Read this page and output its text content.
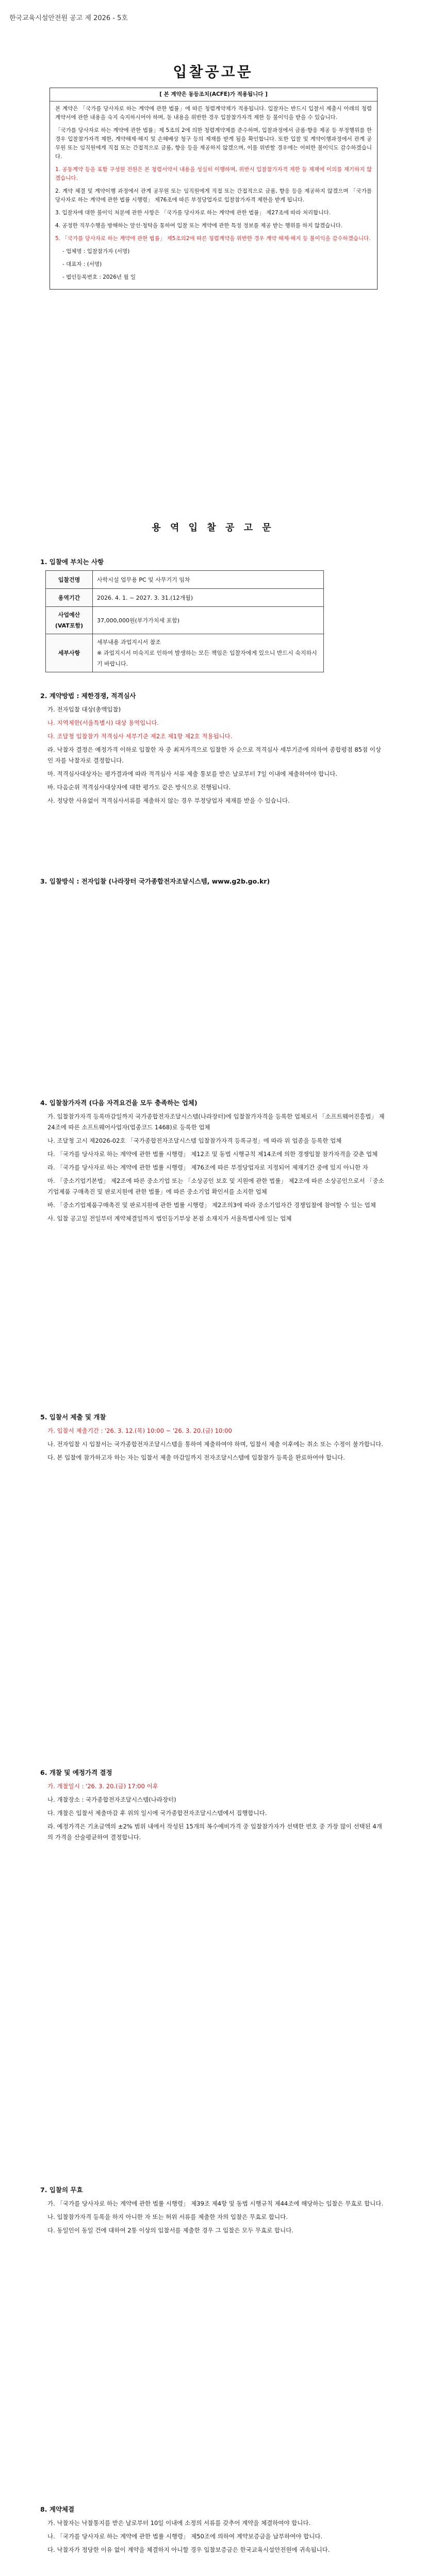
한국교육시설안전원 공고 제 2026 - 5호
입찰공고문
[ 본 계약은 동등조치(ACFE)가 적용됩니다 ]

본 계약은 「국가를 당사자로 하는 계약에 관한 법률」에 따른 청렴계약제가 적용됩니다. 입찰자는 반드시 입찰서 제출시 아래의 청렴계약서에 관한 내용을 숙지 숙지하시어야 하며, 동 내용을 위반한 경우 입찰참가자격 제한 등 불이익을 받을 수 있습니다.

「국가를 당사자로 하는 계약에 관한 법률」제 5조의 2에 의한 청렴계약제를 준수하며, 입찰과정에서 금품·향응 제공 등 부정행위를 한 경우 입찰참가자격 제한, 계약해제·해지 및 손해배상 청구 등의 제재를 받게 됨을 확인합니다. 또한 입찰 및 계약이행과정에서 관계 공무원 또는 임직원에게 직접 또는 간접적으로 금품, 향응 등을 제공하지 않겠으며, 이를 위반할 경우에는 어떠한 불이익도 감수하겠습니다.

1. 공동계약 등을 포함 구성원 전원은 본 청렴서약서 내용을 성실히 이행하며, 위반시 입찰참가자격 제한 등 제재에 이의를 제기하지 않겠습니다.

2. 계약 체결 및 계약이행 과정에서 관계 공무원 또는 임직원에게 직접 또는 간접적으로 금품, 향응 등을 제공하지 않겠으며 「국가를 당사자로 하는 계약에 관한 법률 시행령」 제76조에 따른 부정당업자로 입찰참가자격 제한을 받게 됩니다.

3. 입찰자에 대한 불이익 처분에 관한 사항은 「국가를 당사자로 하는 계약에 관한 법률」 제27조에 따라 처리합니다.

4. 공정한 직무수행을 방해하는 알선·청탁을 통하여 입찰 또는 계약에 관한 특정 정보를 제공 받는 행위를 하지 않겠습니다.

5. 「국가를 당사자로 하는 계약에 관한 법률」 제5조의2에 따른 청렴계약을 위반한 경우 계약 해제·해지 등 불이익을 감수하겠습니다.

- 업체명 : 입찰참가자 (서명)

- 대표자 : (서명)

- 법인등록번호 : 2026년 월 일

용 역 입 찰 공 고 문
1. 입찰에 부치는 사항
입찰건명	사학시설 업무용 PC 및 사무기기 임차
용역기간	2026. 4. 1. ~ 2027. 3. 31.(12개월)
사업예산 (VAT포함)	37,000,000원(부가가치세 포함)
세부사항	세부내용 과업지시서 참조
※ 과업지시서 미숙지로 인하여 발생하는 모든 책임은 입찰자에게 있으니 반드시 숙지하시기 바랍니다.
2. 계약방법 : 제한경쟁, 적격심사

가. 전자입찰 대상(총액입찰)

나. 지역제한(서울특별시) 대상 용역입니다.

다. 조달청 입찰참가 적격심사 세부기준 제2조 제1항 제2호 적용됩니다.

라. 낙찰자 결정은 예정가격 이하로 입찰한 자 중 최저가격으로 입찰한 자 순으로 적격심사 세부기준에 의하여 종합평점 85점 이상인 자를 낙찰자로 결정합니다.

마. 적격심사대상자는 평가결과에 따라 적격심사 서류 제출 통보를 받은 날로부터 7일 이내에 제출하여야 합니다.

바. 다음순위 적격심사대상자에 대한 평가도 같은 방식으로 진행됩니다.

사. 정당한 사유없이 적격심사서류를 제출하지 않는 경우 부정당업자 제재를 받을 수 있습니다.

3. 입찰방식 : 전자입찰 (나라장터 국가종합전자조달시스템, www.g2b.go.kr)
4. 입찰참가자격 (다음 자격요건을 모두 충족하는 업체)

가. 입찰참가자격 등록마감일까지 국가종합전자조달시스템(나라장터)에 입찰참가자격을 등록한 업체로서 「소프트웨어진흥법」 제24조에 따른 소프트웨어사업자(업종코드 1468)로 등록한 업체

나. 조달청 고시 제2026-02호 「국가종합전자조달시스템 입찰참가자격 등록규정」에 따라 위 업종을 등록한 업체

다. 「국가를 당사자로 하는 계약에 관한 법률 시행령」 제12조 및 동법 시행규칙 제14조에 의한 경쟁입찰 참가자격을 갖춘 업체

라. 「국가를 당사자로 하는 계약에 관한 법률 시행령」 제76조에 따른 부정당업자로 지정되어 제재기간 중에 있지 아니한 자

마. 「중소기업기본법」 제2조에 따른 중소기업 또는 「소상공인 보호 및 지원에 관한 법률」 제2조에 따른 소상공인으로서 「중소기업제품 구매촉진 및 판로지원에 관한 법률」에 따른 중소기업 확인서를 소지한 업체

바. 「중소기업제품구매촉진 및 판로지원에 관한 법률 시행령」 제2조의3에 따라 중소기업자간 경쟁입찰에 참여할 수 있는 업체

사. 입찰 공고일 전일부터 계약체결일까지 법인등기부상 본점 소재지가 서울특별시에 있는 업체

5. 입찰서 제출 및 개찰

가. 입찰서 제출기간 : '26. 3. 12.(목) 10:00 ~ '26. 3. 20.(금) 10:00

나. 전자입찰 시 입찰서는 국가종합전자조달시스템을 통하여 제출하여야 하며, 입찰서 제출 이후에는 취소 또는 수정이 불가합니다.

다. 본 입찰에 참가하고자 하는 자는 입찰서 제출 마감일까지 전자조달시스템에 입찰참가 등록을 완료하여야 합니다.

6. 개찰 및 예정가격 결정

가. 개찰일시 : '26. 3. 20.(금) 17:00 이후

나. 개찰장소 : 국가종합전자조달시스템(나라장터)

다. 개찰은 입찰서 제출마감 후 위의 일시에 국가종합전자조달시스템에서 집행합니다.

라. 예정가격은 기초금액의 ±2% 범위 내에서 작성된 15개의 복수예비가격 중 입찰참가자가 선택한 번호 중 가장 많이 선택된 4개의 가격을 산술평균하여 결정합니다.

7. 입찰의 무효

가. 「국가를 당사자로 하는 계약에 관한 법률 시행령」 제39조 제4항 및 동법 시행규칙 제44조에 해당하는 입찰은 무효로 합니다.

나. 입찰참가자격 등록을 하지 아니한 자 또는 허위 서류를 제출한 자의 입찰은 무효로 합니다.

다. 동일인이 동일 건에 대하여 2통 이상의 입찰서를 제출한 경우 그 입찰은 모두 무효로 합니다.

8. 계약체결

가. 낙찰자는 낙찰통지를 받은 날로부터 10일 이내에 소정의 서류를 갖추어 계약을 체결하여야 합니다.

나. 「국가를 당사자로 하는 계약에 관한 법률 시행령」 제50조에 의하여 계약보증금을 납부하여야 합니다.

다. 낙찰자가 정당한 이유 없이 계약을 체결하지 아니할 경우 입찰보증금은 한국교육시설안전원에 귀속됩니다.
